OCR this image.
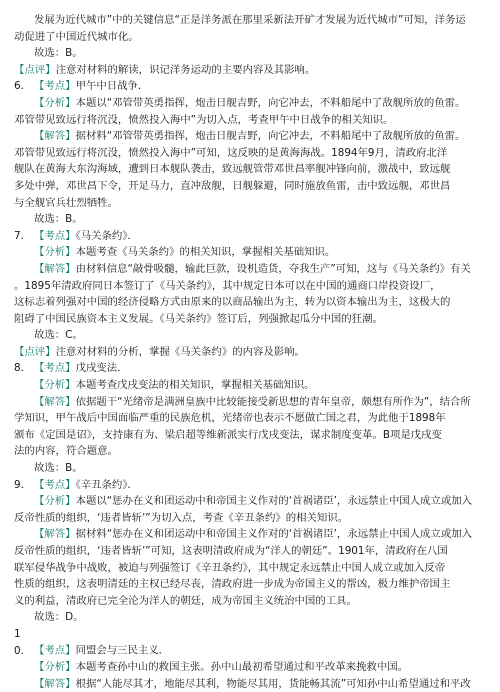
发展为近代城市”中的关键信息“正是洋务派在那里采新法开矿才发展为近代城市”可知，洋务运

动促进了中国近代城市化。

故选：B。

【点评】注意对材料的解读，识记洋务运动的主要内容及其影响。

6． 【考点】甲午中日战争．

【分析】本题以“邓管带英勇指挥，炮击日舰吉野，向它冲去，不料船尾中了敌舰所放的鱼雷。

邓管带见致远行将沉没，愤然投入海中”为切入点，考查甲午中日战争的相关知识。

【解答】据材料“邓管带英勇指挥，炮击日舰吉野，向它冲去，不料船尾中了敌舰所放的鱼雷。

邓管带见致远行将沉没，愤然投入海中”可知，这反映的是黄海海战。1894年9月，清政府北洋

舰队在黄海大东沟海域，遭到日本舰队袭击，致远舰管带邓世昌率舰冲锋向前，激战中，致远舰

多处中弹，邓世昌下令，开足马力，直冲敌舰，日舰躲避，同时施放鱼雷，击中致远舰，邓世昌

与全舰官兵壮烈牺牲。

故选：B。

7． 【考点】《马关条约》．

【分析】本题考查《马关条约》的相关知识，掌握相关基础知识。

【解答】由材料信息“敲骨吸髓，输此巨款，设机造货，夺我生产”可知，这与《马关条约》有关

。1895年清政府同日本签订了《马关条约》，其中规定日本可以在中国的通商口岸投资设厂，

这标志着列强对中国的经济侵略方式由原来的以商品输出为主，转为以资本输出为主，这极大的

阻碍了中国民族资本主义发展。《马关条约》签订后，列强掀起瓜分中国的狂潮。

故选：C。

【点评】注意对材料的分析，掌握《马关条约》的内容及影响。

8． 【考点】戊戌变法．

【分析】本题考查戊戌变法的相关知识，掌握相关基础知识。

【解答】依据题干“光绪帝是满洲皇族中比较能接受新思想的青年皇帝，颇想有所作为”，结合所

学知识，甲午战后中国面临严重的民族危机，光绪帝也表示不愿做亡国之君，为此他于1898年

颁布《定国是诏》，支持康有为、梁启超等维新派实行戊戌变法，谋求制度变革。B项是戊戌变

法的内容，符合题意。

故选：B。

9． 【考点】《辛丑条约》．

【分析】本题以“惩办在义和团运动中和帝国主义作对的‘首祸诸臣’，永远禁止中国人成立或加入

反帝性质的组织，‘违者皆斩’”为切入点，考查《辛丑条约》的相关知识。

【解答】据材料“惩办在义和团运动中和帝国主义作对的‘首祸诸臣’，永远禁止中国人成立或加入

反帝性质的组织，‘违者皆斩’”可知，这表明清政府成为“洋人的朝廷”。1901年，清政府在八国

联军侵华战争中战败，被迫与列强签订《辛丑条约》，其中规定永远禁止中国人成立或加入反帝

性质的组织，这表明清廷的主权已经尽丧，清政府进一步成为帝国主义的帮凶，极力维护帝国主

义的利益，清政府已完全沦为洋人的朝廷，成为帝国主义统治中国的工具。

故选：D。

10． 【考点】同盟会与三民主义．

【分析】本题考查孙中山的救国主张。孙中山最初希望通过和平改革来挽救中国。

【解答】根据“人能尽其才，地能尽其利，物能尽其用，货能畅其流”可知孙中山希望通过和平改
